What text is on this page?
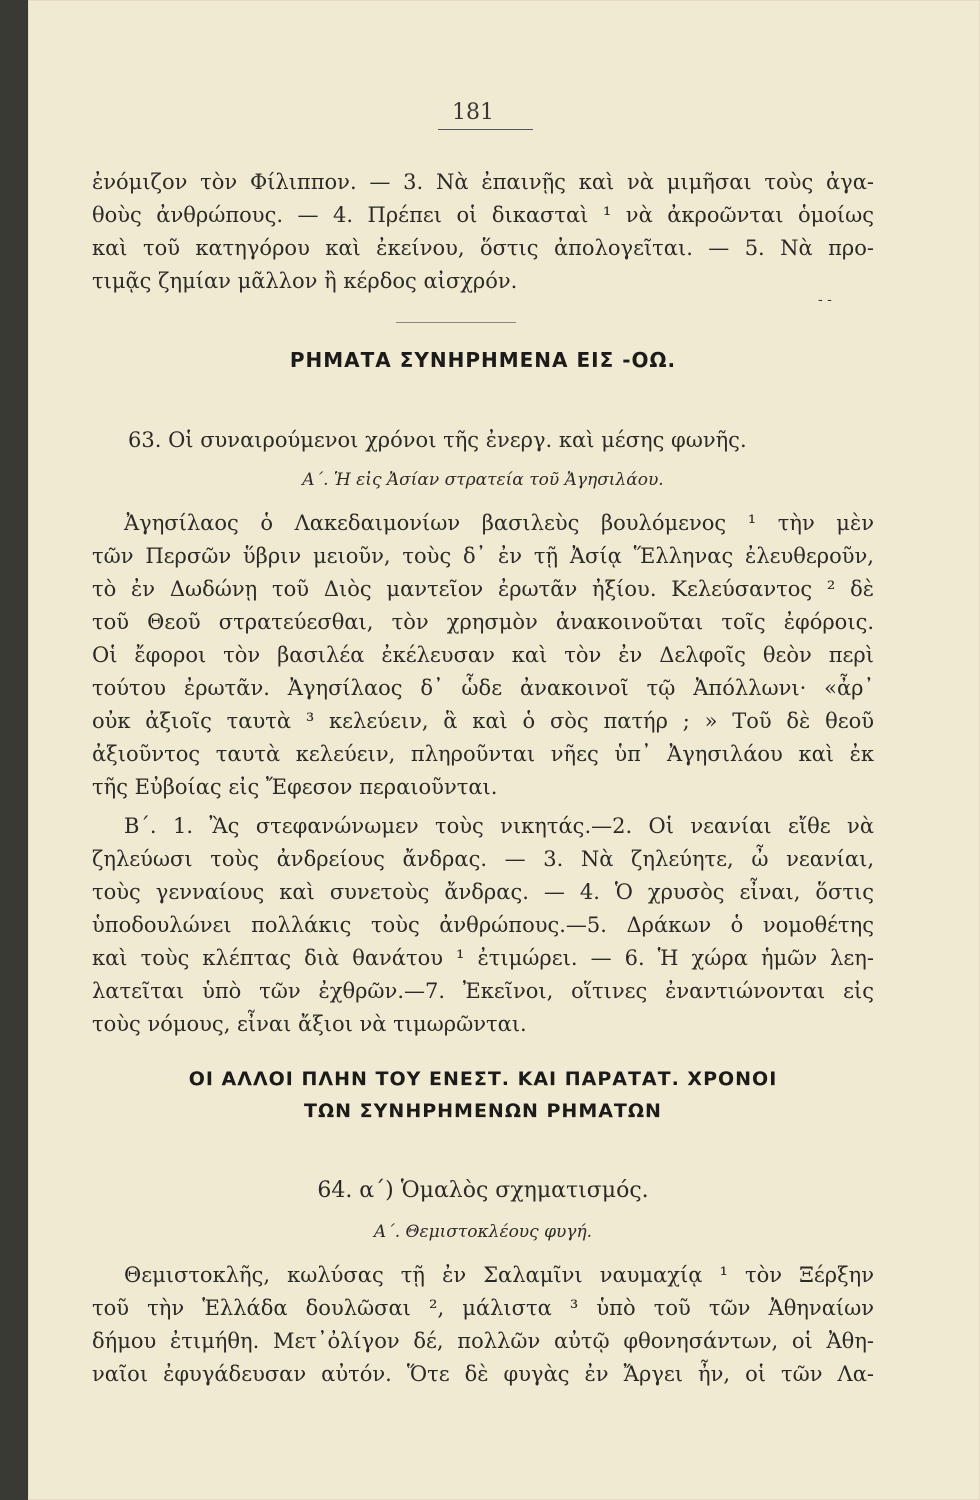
181
ἐνόμιζον τὸν Φίλιππον. — 3. Νὰ ἐπαινῇς καὶ νὰ μιμῆσαι τοὺς ἀγα-
θοὺς ἀνθρώπους. — 4. Πρέπει οἱ δικασταὶ ¹ νὰ ἀκροῶνται ὁμοίως
καὶ τοῦ κατηγόρου καὶ ἐκείνου, ὅστις ἀπολογεῖται. — 5. Νὰ προ-
τιμᾷς ζημίαν μᾶλλον ἢ κέρδος αἰσχρόν.
- -
ΡΗΜΑΤΑ ΣΥΝΗΡΗΜΕΝΑ ΕΙΣ -ΟΩ.
63. Οἱ συναιρούμενοι χρόνοι τῆς ἐνεργ. καὶ μέσης φωνῆς.
Α΄. Ἡ εἰς Ἀσίαν στρατεία τοῦ Ἀγησιλάου.
Ἀγησίλαος ὁ Λακεδαιμονίων βασιλεὺς βουλόμενος ¹ τὴν μὲν
τῶν Περσῶν ὕβριν μειοῦν, τοὺς δ᾽ ἐν τῇ Ἀσίᾳ Ἕλληνας ἐλευθεροῦν,
τὸ ἐν Δωδώνῃ τοῦ Διὸς μαντεῖον ἐρωτᾶν ἠξίου. Κελεύσαντος ² δὲ
τοῦ Θεοῦ στρατεύεσθαι, τὸν χρησμὸν ἀνακοινοῦται τοῖς ἐφόροις.
Οἱ ἔφοροι τὸν βασιλέα ἐκέλευσαν καὶ τὸν ἐν Δελφοῖς θεὸν περὶ
τούτου ἐρωτᾶν. Ἀγησίλαος δ᾽ ὧδε ἀνακοινοῖ τῷ Ἀπόλλωνι· «ἆρ᾽
οὐκ ἀξιοῖς ταυτὰ ³ κελεύειν, ἃ καὶ ὁ σὸς πατήρ ; » Τοῦ δὲ θεοῦ
ἀξιοῦντος ταυτὰ κελεύειν, πληροῦνται νῆες ὑπ᾽ Ἀγησιλάου καὶ ἐκ
τῆς Εὐβοίας εἰς Ἔφεσον περαιοῦνται.
Β΄. 1. Ἂς στεφανώνωμεν τοὺς νικητάς.—2. Οἱ νεανίαι εἴθε νὰ
ζηλεύωσι τοὺς ἀνδρείους ἄνδρας. — 3. Νὰ ζηλεύητε, ὦ νεανίαι,
τοὺς γενναίους καὶ συνετοὺς ἄνδρας. — 4. Ὁ χρυσὸς εἶναι, ὅστις
ὑποδουλώνει πολλάκις τοὺς ἀνθρώπους.—5. Δράκων ὁ νομοθέτης
καὶ τοὺς κλέπτας διὰ θανάτου ¹ ἐτιμώρει. — 6. Ἡ χώρα ἡμῶν λεη-
λατεῖται ὑπὸ τῶν ἐχθρῶν.—7. Ἐκεῖνοι, οἵτινες ἐναντιώνονται εἰς
τοὺς νόμους, εἶναι ἄξιοι νὰ τιμωρῶνται.
ΟΙ ΑΛΛΟΙ ΠΛΗΝ ΤΟΥ ΕΝΕΣΤ. ΚΑΙ ΠΑΡΑΤΑΤ. ΧΡΟΝΟΙ
ΤΩΝ ΣΥΝΗΡΗΜΕΝΩΝ ΡΗΜΑΤΩΝ
64. α΄) Ὁμαλὸς σχηματισμός.
Α΄. Θεμιστοκλέους φυγή.
Θεμιστοκλῆς, κωλύσας τῇ ἐν Σαλαμῖνι ναυμαχίᾳ ¹ τὸν Ξέρξην
τοῦ τὴν Ἑλλάδα δουλῶσαι ², μάλιστα ³ ὑπὸ τοῦ τῶν Ἀθηναίων
δήμου ἐτιμήθη. Μετ᾽ὀλίγον δέ, πολλῶν αὐτῷ φθονησάντων, οἱ Ἀθη-
ναῖοι ἐφυγάδευσαν αὐτόν. Ὅτε δὲ φυγὰς ἐν Ἄργει ἦν, οἱ τῶν Λα-
